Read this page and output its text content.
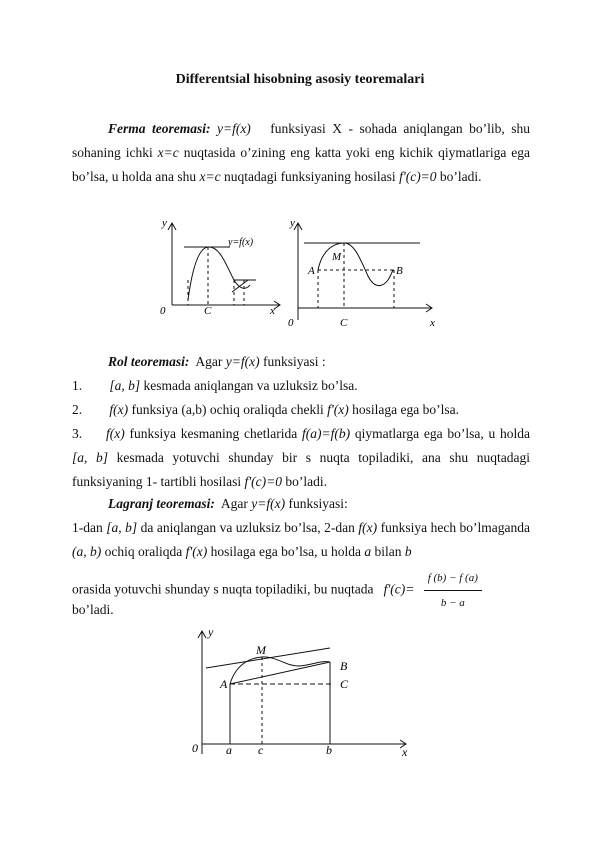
Differentsial hisobning asosiy teoremalari
Ferma teoremasi: y=f(x) funksiyasi X - sohada aniqlangan bo’lib, shu sohaning ichki x=c nuqtasida o’zining eng katta yoki eng kichik qiymatlariga ega bo’lsa, u holda ana shu x=c nuqtadagi funksiyaning hosilasi f'(c)=0 bo’ladi.
y
x
0	C
y=f(x)
y
x
0	C
M
A	B
Rol teoremasi: Agar y=f(x) funksiyasi :
1. [a, b] kesmada aniqlangan va uzluksiz bo’lsa.
2. f(x) funksiya (a,b) ochiq oraliqda chekli f'(x) hosilaga ega bo’lsa.
3. f(x) funksiya kesmaning chetlarida f(a)=f(b) qiymatlarga ega bo’lsa, u holda [a, b] kesmada yotuvchi shunday bir s nuqta topiladiki, ana shu nuqtadagi funksiyaning 1- tartibli hosilasi f'(c)=0 bo’ladi.
Lagranj teoremasi: Agar y=f(x) funksiyasi:
1-dan [a, b] da aniqlangan va uzluksiz bo’lsa, 2-dan f(x) funksiya hech bo’lmaganda (a, b) ochiq oraliqda f'(x) hosilaga ega bo’lsa, u holda a bilan b
orasida yotuvchi shunday s nuqta topiladiki, bu nuqtada $f'(c)= \frac{f (b) - f (a)}{b - a}$
bo’ladi.
y
M
A
B
C
0 a c	b	x
